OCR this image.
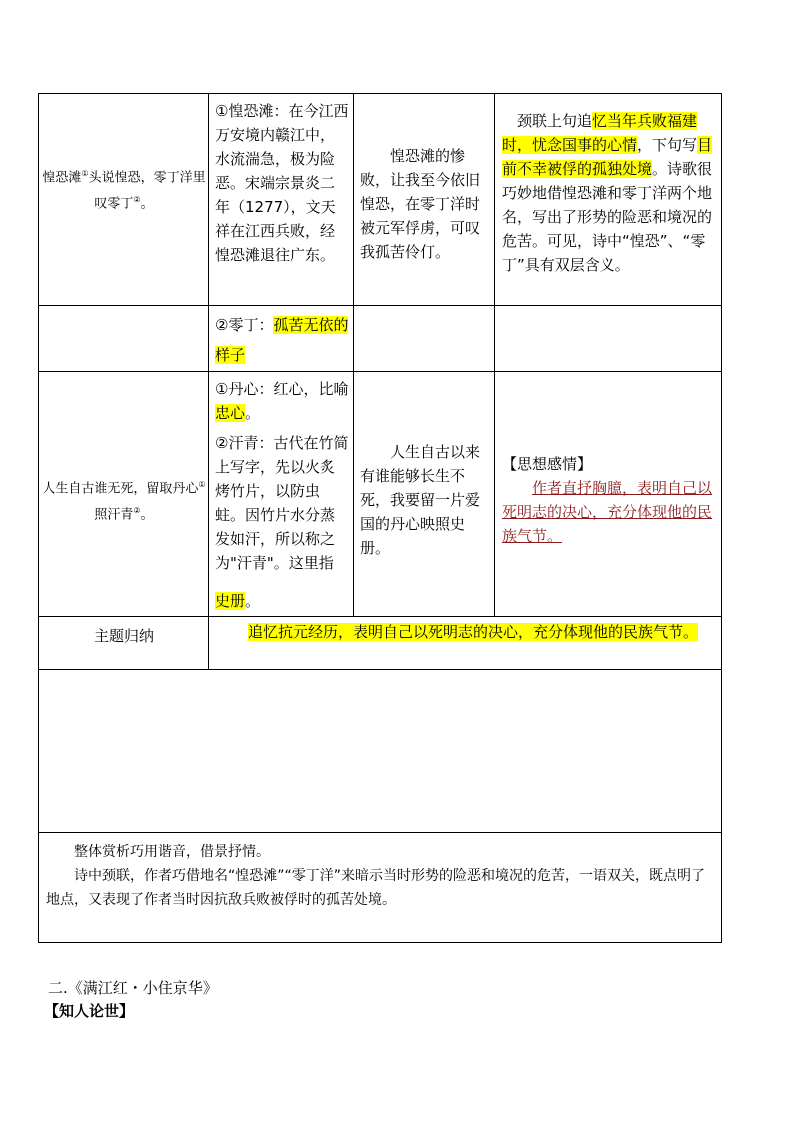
惶恐滩①头说惶恐，零丁洋里叹零丁②。
①惶恐滩：在今江西万安境内赣江中，水流湍急，极为险恶。宋端宗景炎二年（1277），文天祥在江西兵败，经惶恐滩退往广东。
惶恐滩的惨败，让我至今依旧惶恐，在零丁洋时被元军俘虏，可叹我孤苦伶仃。
颈联上句追忆当年兵败福建时，忧念国事的心情，下句写目前不幸被俘的孤独处境。诗歌很巧妙地借惶恐滩和零丁洋两个地名，写出了形势的险恶和境况的危苦。可见，诗中“惶恐”、“零丁”具有双层含义。
②零丁：孤苦无依的样子
人生自古谁无死，留取丹心①照汗青②。
①丹心：红心，比喻忠心。
②汗青：古代在竹简上写字，先以火炙烤竹片，以防虫蛀。因竹片水分蒸发如汗，所以称之为"汗青"。这里指
史册。
人生自古以来有谁能够长生不死，我要留一片爱国的丹心映照史册。
【思想感情】
作者直抒胸臆，表明自己以死明志的决心，充分体现他的民族气节。
主题归纳	追忆抗元经历，表明自己以死明志的决心，充分体现他的民族气节。
整体赏析巧用谐音，借景抒情。
诗中颈联，作者巧借地名“惶恐滩”“零丁洋”来暗示当时形势的险恶和境况的危苦，一语双关，既点明了地点，又表现了作者当时因抗敌兵败被俘时的孤苦处境。
二.《满江红・小住京华》
【知人论世】
